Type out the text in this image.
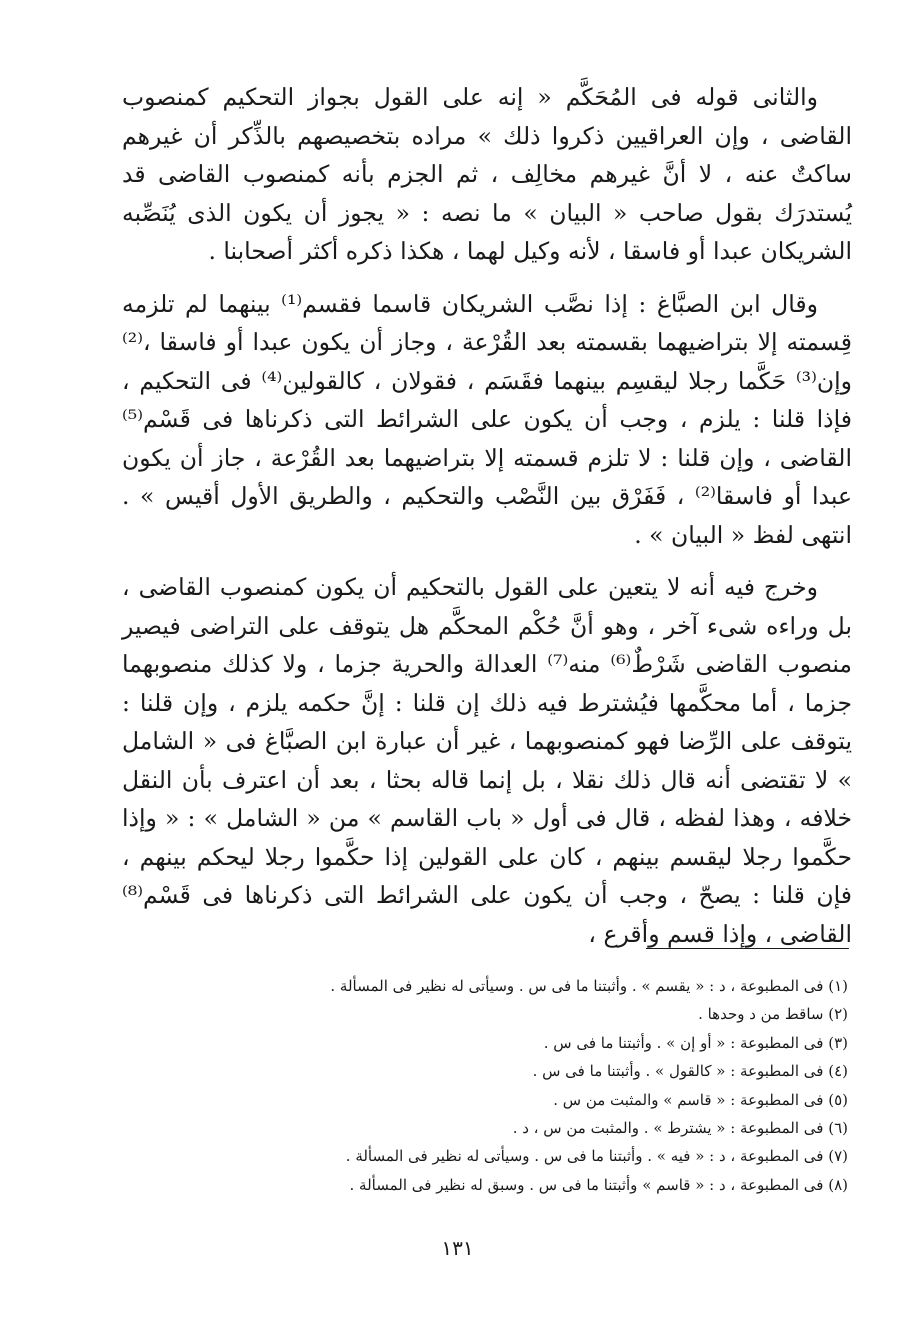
والثانى قوله فى المُحَكَّم « إنه على القول بجواز التحكيم كمنصوب القاضى ، وإن العراقيين ذكروا ذلك » مراده بتخصيصهم بالذِّكر أن غيرهم ساكتٌ عنه ، لا أنَّ غيرهم مخالِف ، ثم الجزم بأنه كمنصوب القاضى قد يُستدرَك بقول صاحب « البيان » ما نصه : « يجوز أن يكون الذى يُنَصِّبه الشريكان عبدا أو فاسقا ، لأنه وكيل لهما ، هكذا ذكره أكثر أصحابنا .

وقال ابن الصبَّاغ : إذا نصَّب الشريكان قاسما فقسم⁽¹⁾ بينهما لم تلزمه قِسمته إلا بتراضيهما بقسمته بعد القُرْعة ، وجاز أن يكون عبدا أو فاسقا ،⁽²⁾ وإن⁽³⁾ حَكَّما رجلا ليقسِم بينهما فقَسَم ، فقولان ، كالقولين⁽⁴⁾ فى التحكيم ، فإذا قلنا : يلزم ، وجب أن يكون على الشرائط التى ذكرناها فى قَسْم⁽⁵⁾ القاضى ، وإن قلنا : لا تلزم قسمته إلا بتراضيهما بعد القُرْعة ، جاز أن يكون عبدا أو فاسقا⁽²⁾ ، فَفَرْق بين النَّصْب والتحكيم ، والطريق الأول أقيس » . انتهى لفظ « البيان » .

وخرج فيه أنه لا يتعين على القول بالتحكيم أن يكون كمنصوب القاضى ، بل وراءه شىء آخر ، وهو أنَّ حُكْم المحكَّم هل يتوقف على التراضى فيصير منصوب القاضى شَرْطٌ⁽⁶⁾ منه⁽⁷⁾ العدالة والحرية جزما ، ولا كذلك منصوبهما جزما ، أما محكَّمها فيُشترط فيه ذلك إن قلنا : إنَّ حكمه يلزم ، وإن قلنا : يتوقف على الرِّضا فهو كمنصوبهما ، غير أن عبارة ابن الصبَّاغ فى « الشامل » لا تقتضى أنه قال ذلك نقلا ، بل إنما قاله بحثا ، بعد أن اعترف بأن النقل خلافه ، وهذا لفظه ، قال فى أول « باب القاسم » من « الشامل » : « وإذا حكَّموا رجلا ليقسم بينهم ، كان على القولين إذا حكَّموا رجلا ليحكم بينهم ، فإن قلنا : يصحّ ، وجب أن يكون على الشرائط التى ذكرناها فى قَسْم⁽⁸⁾ القاضى ، وإذا قسم وأقرع ،

(١) فى المطبوعة ، د : « يقسم » . وأثبتنا ما فى س . وسيأتى له نظير فى المسألة .
(٢) ساقط من د وحدها .
(٣) فى المطبوعة : « أو إن » . وأثبتنا ما فى س .
(٤) فى المطبوعة : « كالقول » . وأثبتنا ما فى س .
(٥) فى المطبوعة : « قاسم » والمثبت من س .
(٦) فى المطبوعة : « يشترط » . والمثبت من س ، د .
(٧) فى المطبوعة ، د : « فيه » . وأثبتنا ما فى س . وسيأتى له نظير فى المسألة .
(٨) فى المطبوعة ، د : « قاسم » وأثبتنا ما فى س . وسبق له نظير فى المسألة .
١٣١
